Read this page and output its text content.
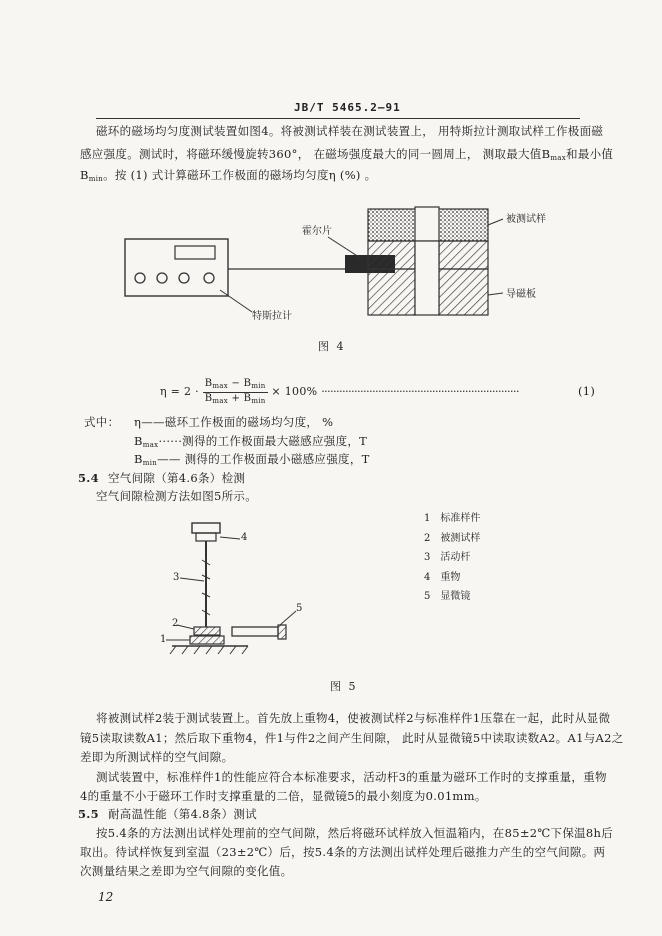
JB/T 5465.2—91
磁环的磁场均匀度测试装置如图4。将被测试样装在测试装置上， 用特斯拉计测取试样工作极面磁
感应强度。测试时，将磁环缓慢旋转360°， 在磁场强度最大的同一圆周上， 测取最大值$B_{max}$和最小值
$B_{min}$。按 (1) 式计算磁环工作极面的磁场均匀度η (%) 。
霍尔片
被测试样
导磁板
特斯拉计
图 4
$\eta = 2 \cdot \frac{B_{max} - B_{min}}{B_{max} + B_{min}} \times 100\%$ ··································································	(1)
式中： η——磁环工作极面的磁场均匀度， %
$B_{max}\cdot\cdot\cdot\cdot\cdot\cdot$测得的工作极面最大磁感应强度，T
$B_{min}——$ 测得的工作极面最小磁感应强度，T
5.4 空气间隙（第4.6条）检测
空气间隙检测方法如图5所示。
4
3
2
1
5
1　标准样件
2　被测试样
3　活动杆
4　重物
5　显微镜
图 5
将被测试样2装于测试装置上。首先放上重物4，使被测试样2与标准样件1压靠在一起，此时从显微
镜5读取读数A1；然后取下重物4，件1与件2之间产生间隙， 此时从显微镜5中读取读数A2。A1与A2之
差即为所测试样的空气间隙。
测试装置中，标准样件1的性能应符合本标准要求，活动杆3的重量为磁环工作时的支撑重量，重物
4的重量不小于磁环工作时支撑重量的二倍，显微镜5的最小刻度为0.01mm。
5.5 耐高温性能（第4.8条）测试
按5.4条的方法测出试样处理前的空气间隙，然后将磁环试样放入恒温箱内，在85±2℃下保温8h后
取出。待试样恢复到室温（23±2℃）后，按5.4条的方法测出试样处理后磁推力产生的空气间隙。两
次测量结果之差即为空气间隙的变化值。
12
